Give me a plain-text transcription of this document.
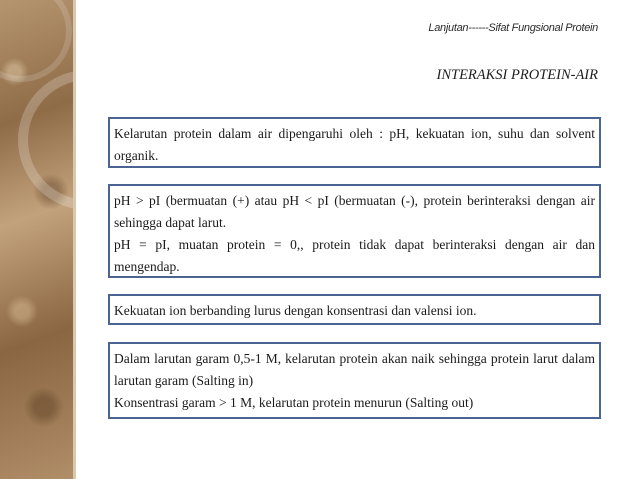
Lanjutan------Sifat Fungsional Protein
INTERAKSI PROTEIN-AIR

Kelarutan protein dalam air dipengaruhi oleh : pH, kekuatan ion, suhu dan solvent organik.

pH > pI (bermuatan (+) atau pH < pI (bermuatan (-), protein berinteraksi dengan air sehingga dapat larut.

pH = pI, muatan protein = 0,, protein tidak dapat berinteraksi dengan air dan mengendap.

Kekuatan ion berbanding lurus dengan konsentrasi dan valensi ion.

Dalam larutan garam 0,5-1 M, kelarutan protein akan naik sehingga protein larut dalam larutan garam (Salting in)

Konsentrasi garam > 1 M, kelarutan protein menurun (Salting out)
